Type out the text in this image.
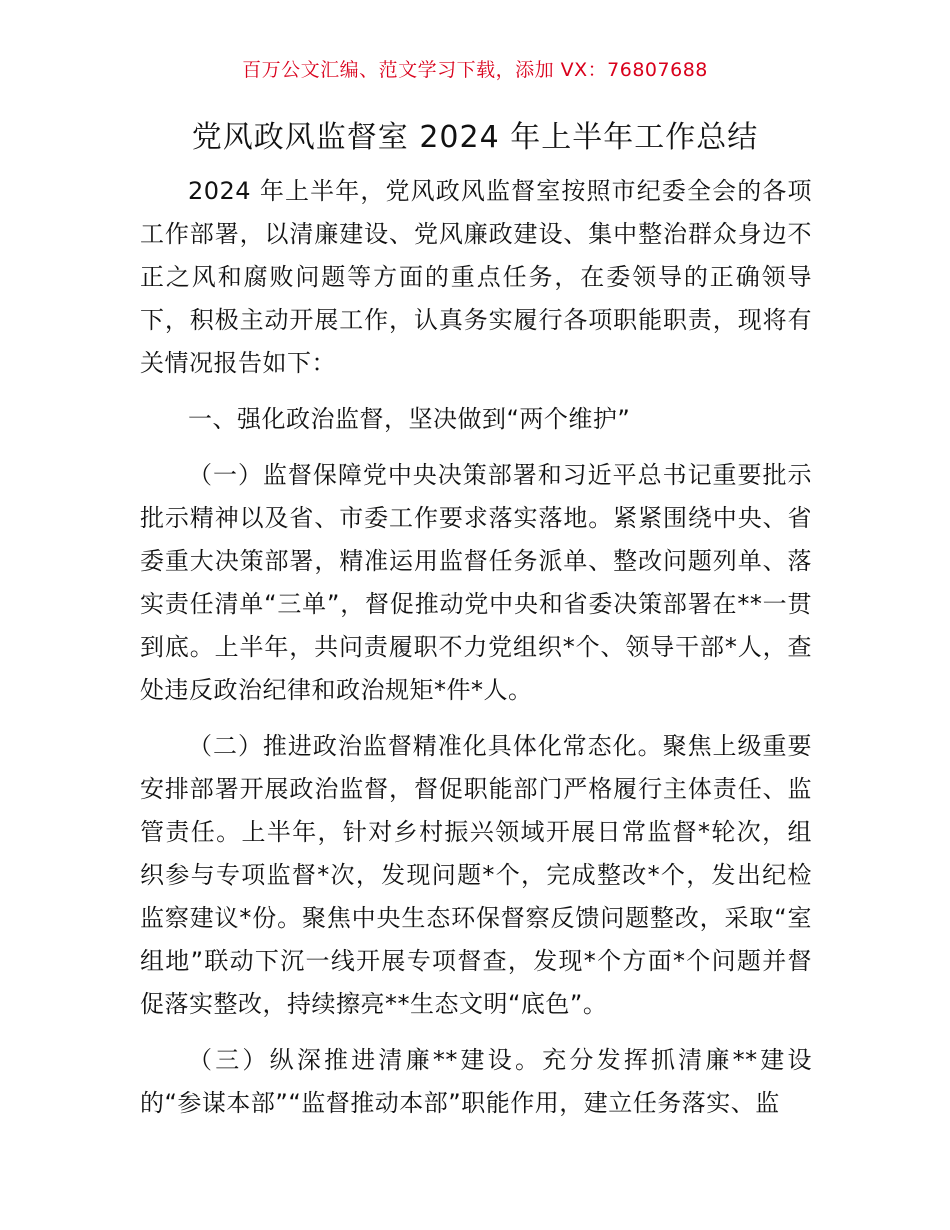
百万公文汇编、范文学习下载，添加 VX：76807688
党风政风监督室 2024 年上半年工作总结

2024 年上半年，党风政风监督室按照市纪委全会的各项工作部署，以清廉建设、党风廉政建设、集中整治群众身边不正之风和腐败问题等方面的重点任务，在委领导的正确领导下，积极主动开展工作，认真务实履行各项职能职责，现将有关情况报告如下：

一、强化政治监督，坚决做到“两个维护”

（一）监督保障党中央决策部署和习近平总书记重要批示批示精神以及省、市委工作要求落实落地。紧紧围绕中央、省委重大决策部署，精准运用监督任务派单、整改问题列单、落实责任清单“三单”，督促推动党中央和省委决策部署在**一贯到底。上半年，共问责履职不力党组织*个、领导干部*人，查处违反政治纪律和政治规矩*件*人。

（二）推进政治监督精准化具体化常态化。聚焦上级重要安排部署开展政治监督，督促职能部门严格履行主体责任、监管责任。上半年，针对乡村振兴领域开展日常监督*轮次，组织参与专项监督*次，发现问题*个，完成整改*个，发出纪检监察建议*份。聚焦中央生态环保督察反馈问题整改，采取“室组地”联动下沉一线开展专项督查，发现*个方面*个问题并督促落实整改，持续擦亮**生态文明“底色”。

（三）纵深推进清廉**建设。充分发挥抓清廉**建设的“参谋本部”“监督推动本部”职能作用，建立任务落实、监
